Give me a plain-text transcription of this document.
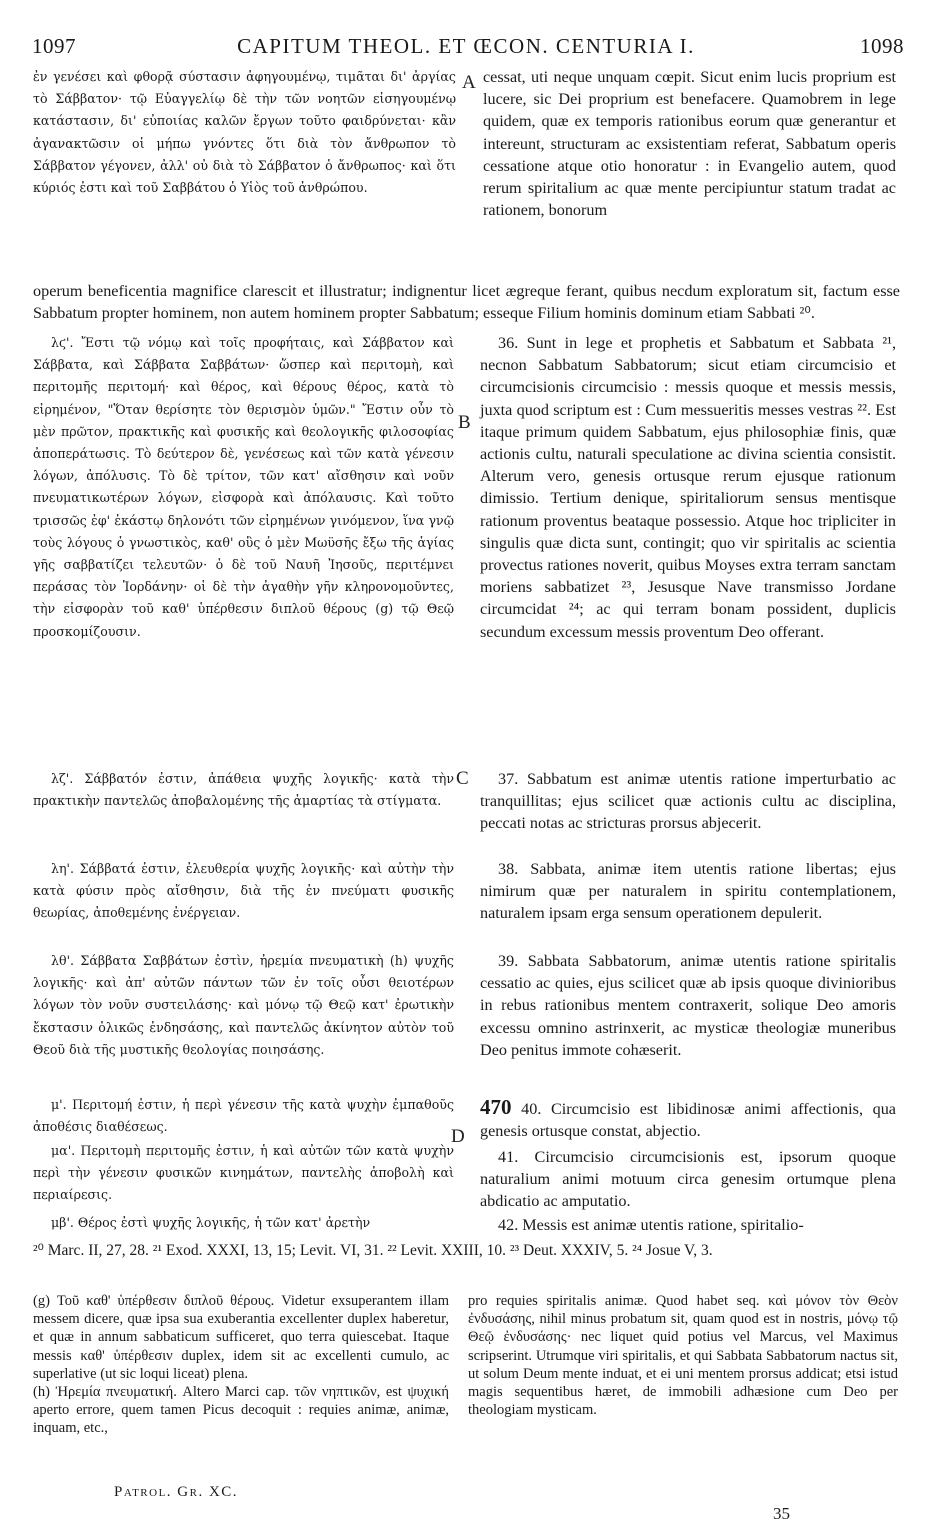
1097	CAPITUM THEOL. ET ŒCON. CENTURIA I.	1098
A
B
C
D

ἐν γενέσει καὶ φθορᾷ σύστασιν ἀφηγουμένῳ, τιμᾶται δι' ἀργίας τὸ Σάββατον· τῷ Εὐαγγελίῳ δὲ τὴν τῶν νοητῶν εἰσηγουμένῳ κατάστασιν, δι' εὐποιίας καλῶν ἔργων τοῦτο φαιδρύνεται· κἂν ἀγανακτῶσιν οἱ μήπω γνόντες ὅτι διὰ τὸν ἄνθρωπον τὸ Σάββατον γέγονεν, ἀλλ' οὐ διὰ τὸ Σάββατον ὁ ἄνθρωπος· καὶ ὅτι κύριός ἐστι καὶ τοῦ Σαββάτου ὁ Υἱὸς τοῦ ἀνθρώπου.

cessat, uti neque unquam cœpit. Sicut enim lucis proprium est lucere, sic Dei proprium est benefacere. Quamobrem in lege quidem, quæ ex temporis rationibus eorum quæ generantur et intereunt, structuram ac exsistentiam referat, Sabbatum operis cessatione atque otio honoratur : in Evangelio autem, quod rerum spiritalium ac quæ mente percipiuntur statum tradat ac rationem, bonorum

operum beneficentia magnifice clarescit et illustratur; indignentur licet ægreque ferant, quibus necdum exploratum sit, factum esse Sabbatum propter hominem, non autem hominem propter Sabbatum; esseque Filium hominis dominum etiam Sabbati ²⁰.

λϛ'. Ἔστι τῷ νόμῳ καὶ τοῖς προφήταις, καὶ Σάββατον καὶ Σάββατα, καὶ Σάββατα Σαββάτων· ὥσπερ καὶ περιτομὴ, καὶ περιτομῆς περιτομή· καὶ θέρος, καὶ θέρους θέρος, κατὰ τὸ εἰρημένον, "Ὅταν θερίσητε τὸν θερισμὸν ὑμῶν." Ἔστιν οὖν τὸ μὲν πρῶτον, πρακτικῆς καὶ φυσικῆς καὶ θεολογικῆς φιλοσοφίας ἀποπεράτωσις. Τὸ δεύτερον δὲ, γενέσεως καὶ τῶν κατὰ γένεσιν λόγων, ἀπόλυσις. Τὸ δὲ τρίτον, τῶν κατ' αἴσθησιν καὶ νοῦν πνευματικωτέρων λόγων, εἰσφορὰ καὶ ἀπόλαυσις. Καὶ τοῦτο τρισσῶς ἐφ' ἑκάστῳ δηλονότι τῶν εἰρημένων γινόμενον, ἵνα γνῷ τοὺς λόγους ὁ γνωστικὸς, καθ' οὓς ὁ μὲν Μωϋσῆς ἔξω τῆς ἁγίας γῆς σαββατίζει τελευτῶν· ὁ δὲ τοῦ Ναυῆ Ἰησοῦς, περιτέμνει περάσας τὸν Ἰορδάνην· οἱ δὲ τὴν ἀγαθὴν γῆν κληρονομοῦντες, τὴν εἰσφορὰν τοῦ καθ' ὑπέρθεσιν διπλοῦ θέρους (g) τῷ Θεῷ προσκομίζουσιν.

36. Sunt in lege et prophetis et Sabbatum et Sabbata ²¹, necnon Sabbatum Sabbatorum; sicut etiam circumcisio et circumcisionis circumcisio : messis quoque et messis messis, juxta quod scriptum est : Cum messueritis messes vestras ²². Est itaque primum quidem Sabbatum, ejus philosophiæ finis, quæ actionis cultu, naturali speculatione ac divina scientia consistit. Alterum vero, genesis ortusque rerum ejusque rationum dimissio. Tertium denique, spiritaliorum sensus mentisque rationum proventus beataque possessio. Atque hoc tripliciter in singulis quæ dicta sunt, contingit; quo vir spiritalis ac scientia provectus rationes noverit, quibus Moyses extra terram sanctam moriens sabbatizet ²³, Jesusque Nave transmisso Jordane circumcidat ²⁴; ac qui terram bonam possident, duplicis secundum excessum messis proventum Deo offerant.

λζ'. Σάββατόν ἐστιν, ἀπάθεια ψυχῆς λογικῆς· κατὰ τὴν πρακτικὴν παντελῶς ἀποβαλομένης τῆς ἁμαρτίας τὰ στίγματα.

37. Sabbatum est animæ utentis ratione imperturbatio ac tranquillitas; ejus scilicet quæ actionis cultu ac disciplina, peccati notas ac stricturas prorsus abjecerit.

λη'. Σάββατά ἐστιν, ἐλευθερία ψυχῆς λογικῆς· καὶ αὐτὴν τὴν κατὰ φύσιν πρὸς αἴσθησιν, διὰ τῆς ἐν πνεύματι φυσικῆς θεωρίας, ἀποθεμένης ἐνέργειαν.

38. Sabbata, animæ item utentis ratione libertas; ejus nimirum quæ per naturalem in spiritu contemplationem, naturalem ipsam erga sensum operationem depulerit.

λθ'. Σάββατα Σαββάτων ἐστὶν, ἠρεμία πνευματικὴ (h) ψυχῆς λογικῆς· καὶ ἀπ' αὐτῶν πάντων τῶν ἐν τοῖς οὖσι θειοτέρων λόγων τὸν νοῦν συστειλάσης· καὶ μόνῳ τῷ Θεῷ κατ' ἐρωτικὴν ἔκστασιν ὁλικῶς ἐνδησάσης, καὶ παντελῶς ἀκίνητον αὐτὸν τοῦ Θεοῦ διὰ τῆς μυστικῆς θεολογίας ποιησάσης.

39. Sabbata Sabbatorum, animæ utentis ratione spiritalis cessatio ac quies, ejus scilicet quæ ab ipsis quoque divinioribus in rebus rationibus mentem contraxerit, solique Deo amoris excessu omnino astrinxerit, ac mysticæ theologiæ muneribus Deo penitus immote cohæserit.

μ'. Περιτομή ἐστιν, ἡ περὶ γένεσιν τῆς κατὰ ψυχὴν ἐμπαθοῦς ἀποθέσις διαθέσεως.

470 40. Circumcisio est libidinosæ animi affectionis, qua genesis ortusque constat, abjectio.

μα'. Περιτομὴ περιτομῆς ἐστιν, ἡ καὶ αὐτῶν τῶν κατὰ ψυχὴν περὶ τὴν γένεσιν φυσικῶν κινημάτων, παντελὴς ἀποβολὴ καὶ περιαίρεσις.

41. Circumcisio circumcisionis est, ipsorum quoque naturalium animi motuum circa genesim ortumque plena abdicatio ac amputatio.

μβ'. Θέρος ἐστὶ ψυχῆς λογικῆς, ἡ τῶν κατ' ἀρετὴν	42. Messis est animæ utentis ratione, spiritalio-

²⁰ Marc. II, 27, 28. ²¹ Exod. XXXI, 13, 15; Levit. VI, 31. ²² Levit. XXIII, 10. ²³ Deut. XXXIV, 5. ²⁴ Josue V, 3.

(g) Τοῦ καθ' ὑπέρθεσιν διπλοῦ θέρους. Videtur exsuperantem illam messem dicere, quæ ipsa sua exuberantia excellenter duplex haberetur, et quæ in annum sabbaticum sufficeret, quo terra quiescebat. Itaque messis καθ' ὑπέρθεσιν duplex, idem sit ac excellenti cumulo, ac superlative (ut sic loqui liceat) plena.

(h) Ἠρεμία πνευματική. Altero Marci cap. τῶν νηπτικῶν, est ψυχική aperto errore, quem tamen Picus decoquit : requies animæ, animæ, inquam, etc.,

pro requies spiritalis animæ. Quod habet seq. καὶ μόνον τὸν Θεὸν ἐνδυσάσης, nihil minus probatum sit, quam quod est in nostris, μόνῳ τῷ Θεῷ ἐνδυσάσης· nec liquet quid potius vel Marcus, vel Maximus scripserint. Utrumque viri spiritalis, et qui Sabbata Sabbatorum nactus sit, ut solum Deum mente induat, et ei uni mentem prorsus addicat; etsi istud magis sequentibus hæret, de immobili adhæsione cum Deo per theologiam mysticam.

Patrol. Gr. XC.
35
